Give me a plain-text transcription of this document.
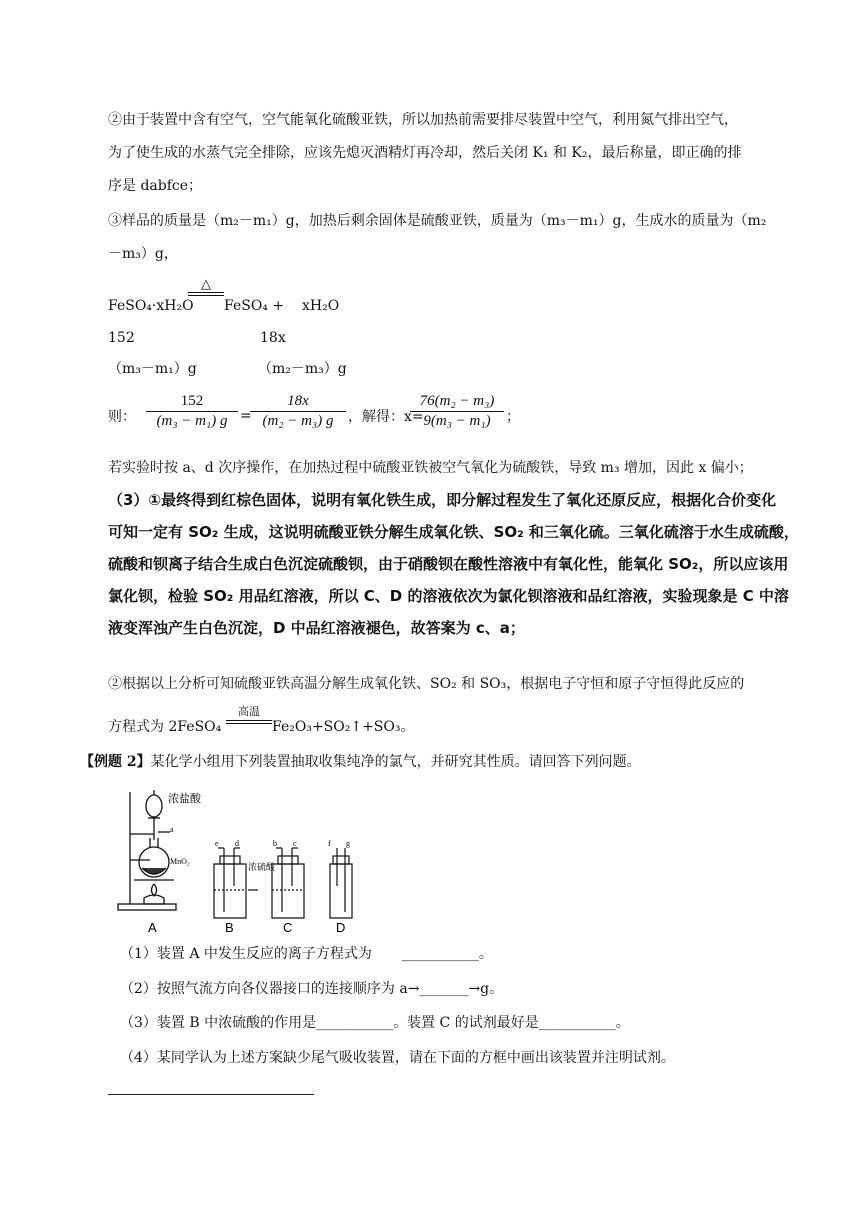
②由于装置中含有空气，空气能氧化硫酸亚铁，所以加热前需要排尽装置中空气，利用氮气排出空气，
为了使生成的水蒸气完全排除，应该先熄灭酒精灯再冷却，然后关闭 K₁ 和 K₂，最后称量，即正确的排
序是 dabfce；
③样品的质量是（m₂－m₁）g，加热后剩余固体是硫酸亚铁，质量为（m₃－m₁）g，生成水的质量为（m₂
－m₃）g，
FeSO₄·xH₂O
△
FeSO₄ + xH₂O
152	18x
（m₃－m₁）g	（m₂－m₃）g
则：
152
(m₃ − m₁) g =
18x
(m₂ − m₃) g	，解得：x=
76(m₂ − m₃)
9(m₃ − m₁)	；
若实验时按 a、d 次序操作，在加热过程中硫酸亚铁被空气氧化为硫酸铁，导致 m₃ 增加，因此 x 偏小；
（3）①最终得到红棕色固体，说明有氧化铁生成，即分解过程发生了氧化还原反应，根据化合价变化
可知一定有 SO₂ 生成，这说明硫酸亚铁分解生成氧化铁、SO₂ 和三氧化硫。三氧化硫溶于水生成硫酸，
硫酸和钡离子结合生成白色沉淀硫酸钡，由于硝酸钡在酸性溶液中有氧化性，能氧化 SO₂，所以应该用
氯化钡，检验 SO₂ 用品红溶液，所以 C、D 的溶液依次为氯化钡溶液和品红溶液，实验现象是 C 中溶
液变浑浊产生白色沉淀，D 中品红溶液褪色，故答案为 c、a；
②根据以上分析可知硫酸亚铁高温分解生成氧化铁、SO₂ 和 SO₃，根据电子守恒和原子守恒得此反应的
方程式为 2FeSO₄
高温
Fe₂O₃+SO₂↑+SO₃。
【例题 2】某化学小组用下列装置抽取收集纯净的氯气，并研究其性质。请回答下列问题。
浓盐酸
a
MnO₂
浓硫酸
e d	b c	f g
A	B	C	D
（1）装置 A 中发生反应的离子方程式为 ___________。
（2）按照气流方向各仪器接口的连接顺序为 a→_______→g。
（3）装置 B 中浓硫酸的作用是___________。装置 C 的试剂最好是___________。
（4）某同学认为上述方案缺少尾气吸收装置，请在下面的方框中画出该装置并注明试剂。
